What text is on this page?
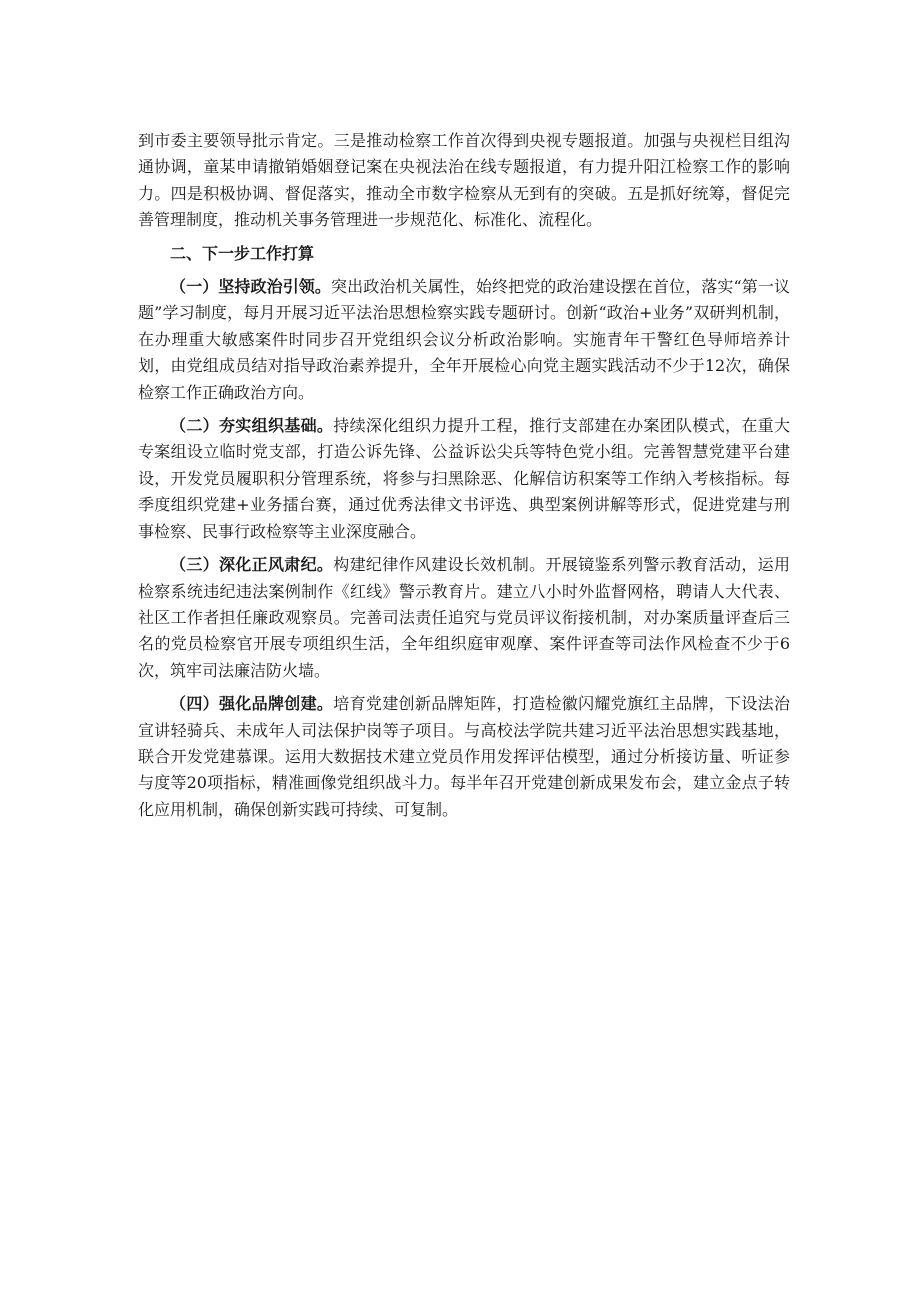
到市委主要领导批示肯定。三是推动检察工作首次得到央视专题报道。加强与央视栏目组沟通协调，童某申请撤销婚姻登记案在央视法治在线专题报道，有力提升阳江检察工作的影响力。四是积极协调、督促落实，推动全市数字检察从无到有的突破。五是抓好统筹，督促完善管理制度，推动机关事务管理进一步规范化、标准化、流程化。

二、下一步工作打算

（一）坚持政治引领。突出政治机关属性，始终把党的政治建设摆在首位，落实“第一议题”学习制度，每月开展习近平法治思想检察实践专题研讨。创新“政治+业务”双研判机制，在办理重大敏感案件时同步召开党组织会议分析政治影响。实施青年干警红色导师培养计划，由党组成员结对指导政治素养提升，全年开展检心向党主题实践活动不少于12次，确保检察工作正确政治方向。

（二）夯实组织基础。持续深化组织力提升工程，推行支部建在办案团队模式，在重大专案组设立临时党支部，打造公诉先锋、公益诉讼尖兵等特色党小组。完善智慧党建平台建设，开发党员履职积分管理系统，将参与扫黑除恶、化解信访积案等工作纳入考核指标。每季度组织党建+业务擂台赛，通过优秀法律文书评选、典型案例讲解等形式，促进党建与刑事检察、民事行政检察等主业深度融合。

（三）深化正风肃纪。构建纪律作风建设长效机制。开展镜鉴系列警示教育活动，运用检察系统违纪违法案例制作《红线》警示教育片。建立八小时外监督网格，聘请人大代表、社区工作者担任廉政观察员。完善司法责任追究与党员评议衔接机制，对办案质量评查后三名的党员检察官开展专项组织生活，全年组织庭审观摩、案件评查等司法作风检查不少于6次，筑牢司法廉洁防火墙。

（四）强化品牌创建。培育党建创新品牌矩阵，打造检徽闪耀党旗红主品牌，下设法治宣讲轻骑兵、未成年人司法保护岗等子项目。与高校法学院共建习近平法治思想实践基地，联合开发党建慕课。运用大数据技术建立党员作用发挥评估模型，通过分析接访量、听证参与度等20项指标，精准画像党组织战斗力。每半年召开党建创新成果发布会，建立金点子转化应用机制，确保创新实践可持续、可复制。
